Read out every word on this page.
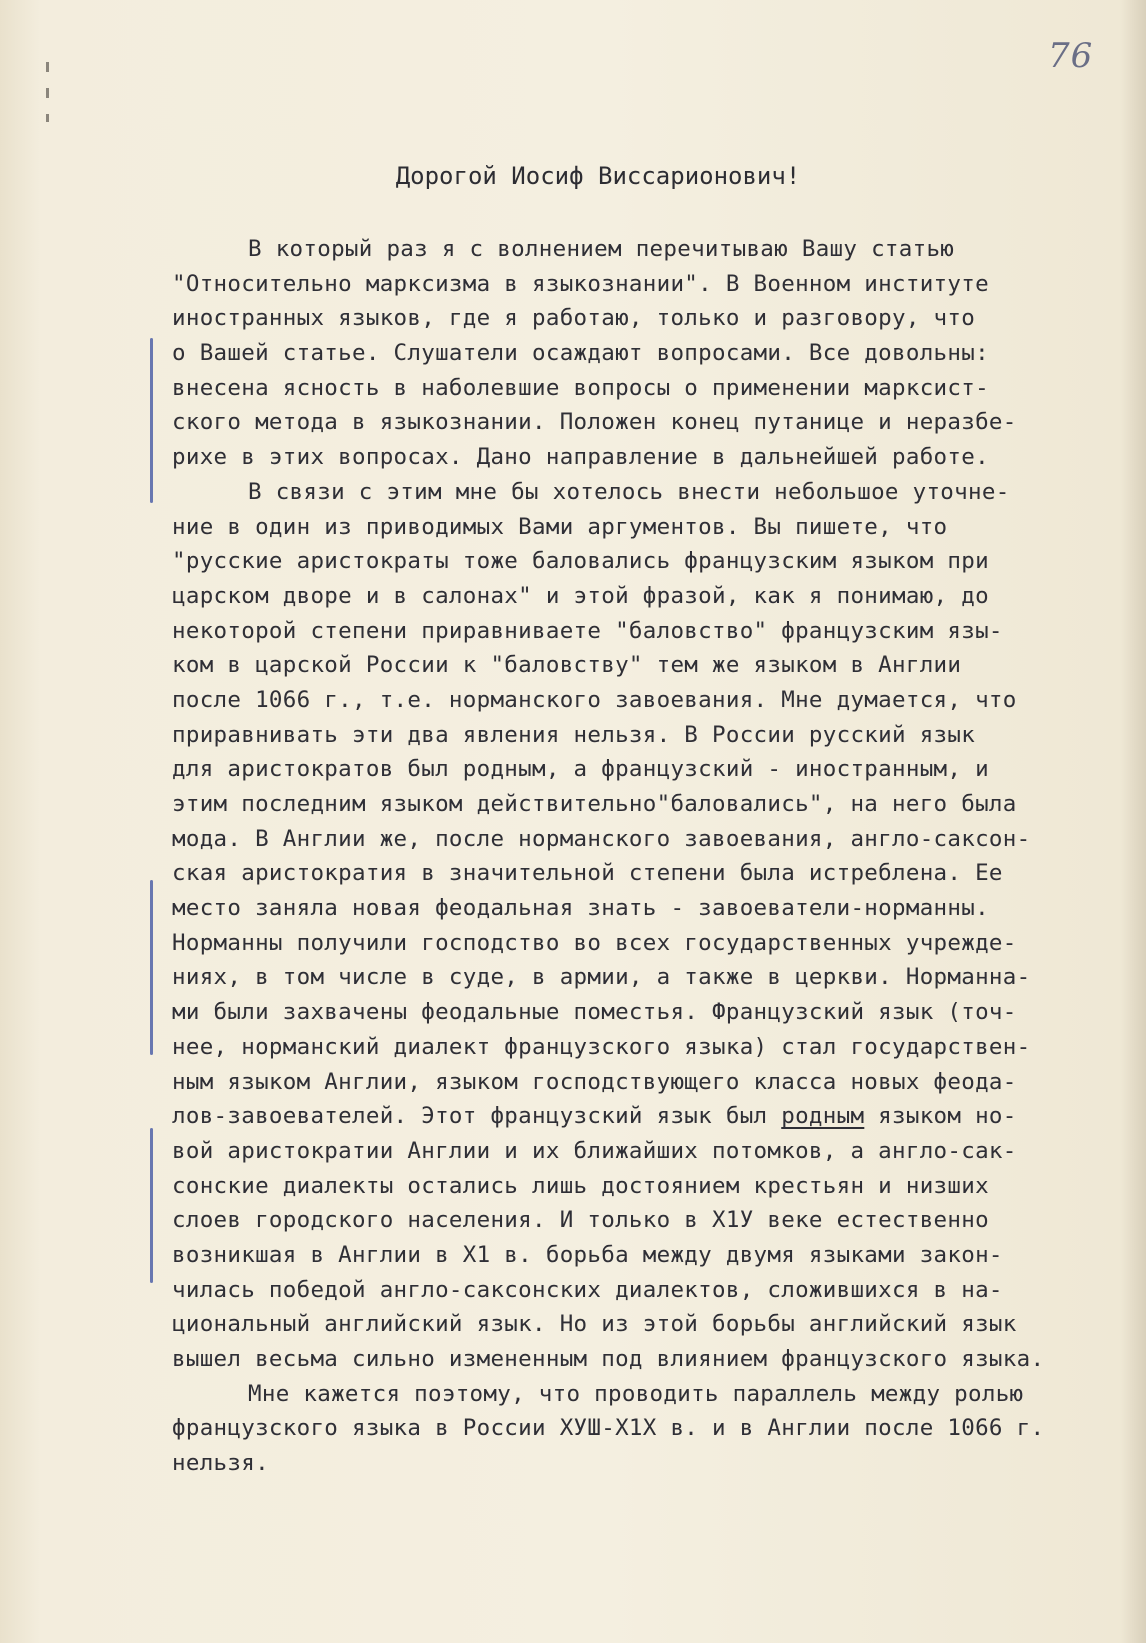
76
Дорогой Иосиф Виссарионович!
В который раз я с волнением перечитываю Вашу статью
"Относительно марксизма в языкознании". В Военном институте
иностранных языков, где я работаю, только и разговору, что
о Вашей статье. Слушатели осаждают вопросами. Все довольны:
внесена ясность в наболевшие вопросы о применении марксист-
ского метода в языкознании. Положен конец путанице и неразбе-
рихе в этих вопросах. Дано направление в дальнейшей работе.
В связи с этим мне бы хотелось внести небольшое уточне-
ние в один из приводимых Вами аргументов. Вы пишете, что
"русские аристократы тоже баловались французским языком при
царском дворе и в салонах" и этой фразой, как я понимаю, до
некоторой степени приравниваете "баловство" французским язы-
ком в царской России к "баловству" тем же языком в Англии
после 1066 г., т.е. норманского завоевания. Мне думается, что
приравнивать эти два явления нельзя. В России русский язык
для аристократов был родным, а французский - иностранным, и
этим последним языком действительно"баловались", на него была
мода. В Англии же, после норманского завоевания, англо-саксон-
ская аристократия в значительной степени была истреблена. Ее
место заняла новая феодальная знать - завоеватели-норманны.
Норманны получили господство во всех государственных учрежде-
ниях, в том числе в суде, в армии, а также в церкви. Норманна-
ми были захвачены феодальные поместья. Французский язык (точ-
нее, норманский диалект французского языка) стал государствен-
ным языком Англии, языком господствующего класса новых феода-
лов-завоевателей. Этот французский язык был родным языком но-
вой аристократии Англии и их ближайших потомков, а англо-сак-
сонские диалекты остались лишь достоянием крестьян и низших
слоев городского населения. И только в X1У веке естественно
возникшая в Англии в X1 в. борьба между двумя языками закон-
чилась победой англо-саксонских диалектов, сложившихся в на-
циональный английский язык. Но из этой борьбы английский язык
вышел весьма сильно измененным под влиянием французского языка.
Мне кажется поэтому, что проводить параллель между ролью
французского языка в России ХУШ-X1X в. и в Англии после 1066 г.
нельзя.
